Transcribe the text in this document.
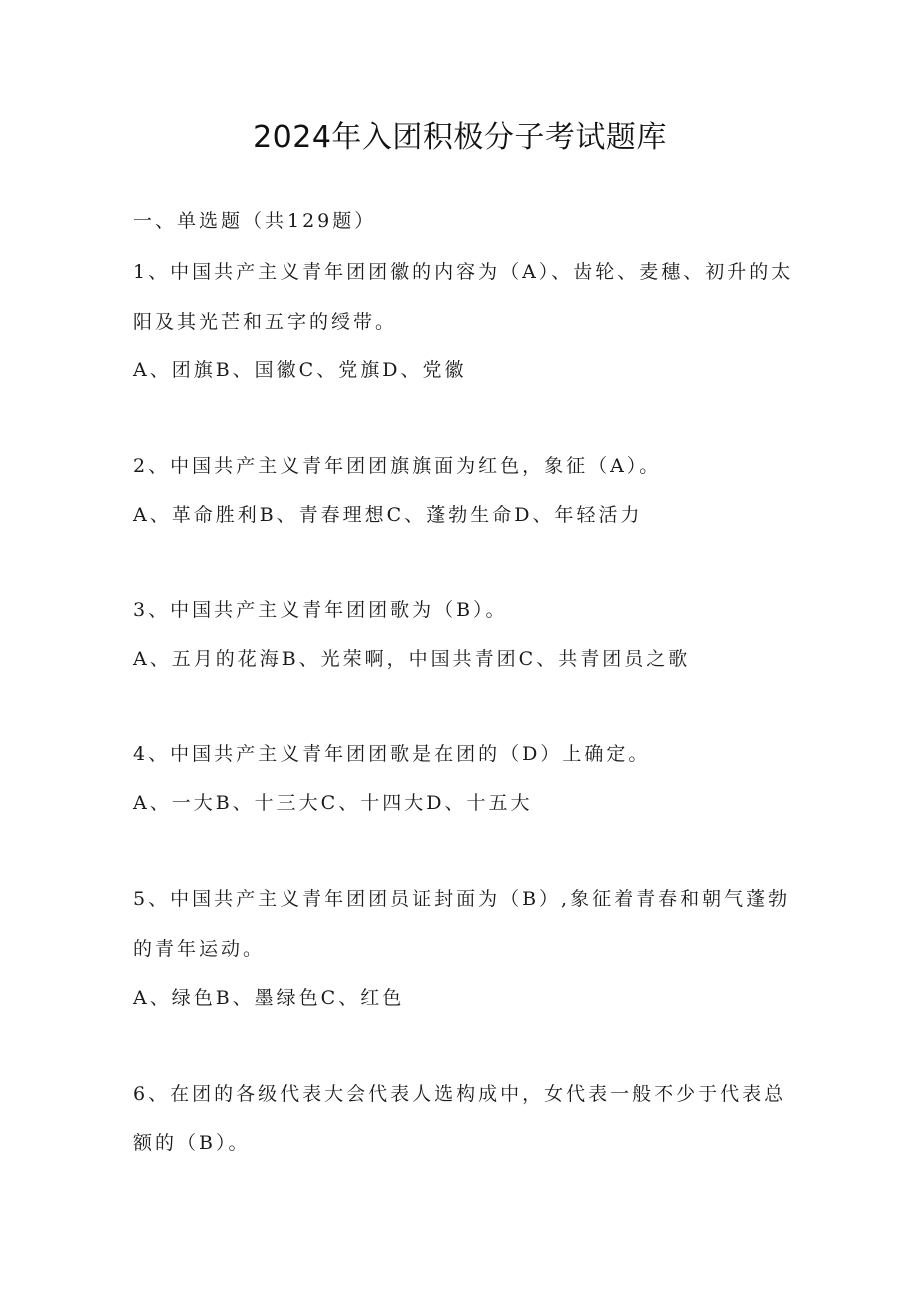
2024年入团积极分子考试题库

一、单选题（共129题）

1、中国共产主义青年团团徽的内容为（A）、齿轮、麦穗、初升的太

阳及其光芒和五字的绶带。

A、团旗B、国徽C、党旗D、党徽

2、中国共产主义青年团团旗旗面为红色，象征（A）。

A、革命胜利B、青春理想C、蓬勃生命D、年轻活力

3、中国共产主义青年团团歌为（B）。

A、五月的花海B、光荣啊，中国共青团C、共青团员之歌

4、中国共产主义青年团团歌是在团的（D）上确定。

A、一大B、十三大C、十四大D、十五大

5、中国共产主义青年团团员证封面为（B）,象征着青春和朝气蓬勃

的青年运动。

A、绿色B、墨绿色C、红色

6、在团的各级代表大会代表人选构成中，女代表一般不少于代表总

额的（B）。
